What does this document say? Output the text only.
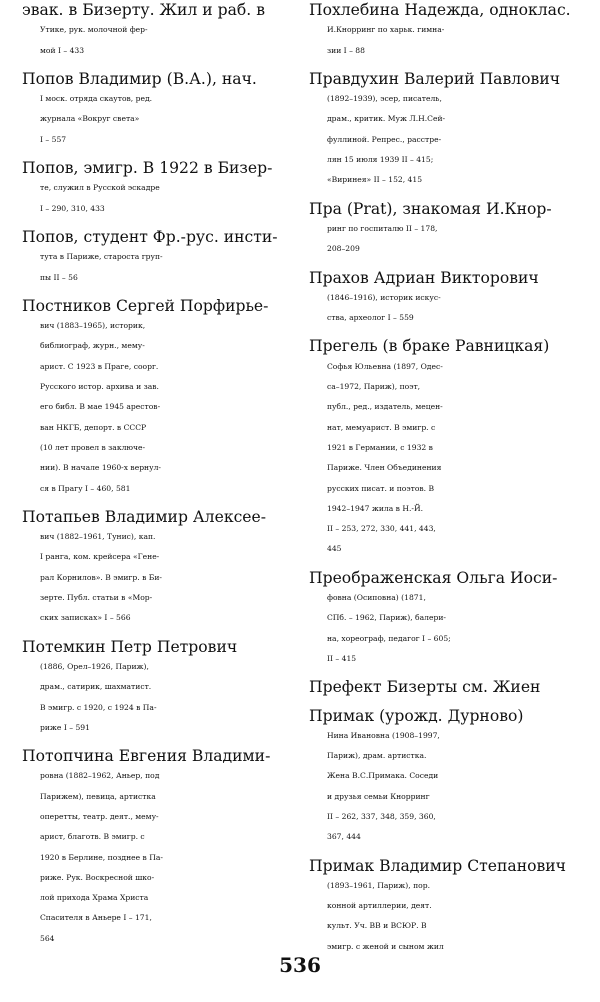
эвак. в Бизерту. Жил и раб. в
Утике, рук. молочной фер-
мой I – 433
Попов Владимир (В.А.), нач.
I моск. отряда скаутов, ред.
журнала «Вокруг света»
I – 557
Попов, эмигр. В 1922 в Бизер-
те, служил в Русской эскадре
I – 290, 310, 433
Попов, студент Фр.-рус. инсти-
тута в Париже, староста груп-
пы II – 56
Постников Сергей Порфирье-
вич (1883–1965), историк,
библиограф, журн., мему-
арист. С 1923 в Праге, соорг.
Русского истор. архива и зав.
его библ. В мае 1945 арестов-
ван НКГБ, депорт. в СССР
(10 лет провел в заключе-
нии). В начале 1960-х вернул-
ся в Прагу I – 460, 581
Потапьев Владимир Алексее-
вич (1882–1961, Тунис), кап.
I ранга, ком. крейсера «Гене-
рал Корнилов». В эмигр. в Би-
зерте. Публ. статьи в «Мор-
ских записках» I – 566
Потемкин Петр Петрович
(1886, Орел–1926, Париж),
драм., сатирик, шахматист.
В эмигр. с 1920, с 1924 в Па-
риже I – 591
Потопчина Евгения Владими-
ровна (1882–1962, Аньер, под
Парижем), певица, артистка
оперетты, театр. деят., мему-
арист, благотв. В эмигр. с
1920 в Берлине, позднее в Па-
риже. Рук. Воскресной шко-
лой прихода Храма Христа
Спасителя в Аньере I – 171,
564
Похлебина Надежда, одноклас.
И.Кнорринг по харьк. гимна-
зии I – 88
Правдухин Валерий Павлович
(1892–1939), эсер, писатель,
драм., критик. Муж Л.Н.Сей-
фуллиной. Репрес., расстре-
лян 15 июля 1939 II – 415;
«Виринея» II – 152, 415
Пра (Prat), знакомая И.Кнор-
ринг по госпиталю II – 178,
208–209
Прахов Адриан Викторович
(1846–1916), историк искус-
ства, археолог I – 559
Прегель (в браке Равницкая)
Софья Юльевна (1897, Одес-
са–1972, Париж), поэт,
публ., ред., издатель, мецен-
нат, мемуарист. В эмигр. с
1921 в Германии, с 1932 в
Париже. Член Объединения
русских писат. и поэтов. В
1942–1947 жила в Н.-Й.
II – 253, 272, 330, 441, 443,
445
Преображенская Ольга Иоси-
фовна (Осиповна) (1871,
СПб. – 1962, Париж), балери-
на, хореограф, педагог I – 605;
II – 415
Префект Бизерты см. Жиен
Примак (урожд. Дурново)
Нина Ивановна (1908–1997,
Париж), драм. артистка.
Жена В.С.Примака. Соседи
и друзья семьи Кнорринг
II – 262, 337, 348, 359, 360,
367, 444
Примак Владимир Степанович
(1893–1961, Париж), пор.
конной артиллерии, деят.
культ. Уч. ВВ и ВСЮР. В
эмигр. с женой и сыном жил
536
